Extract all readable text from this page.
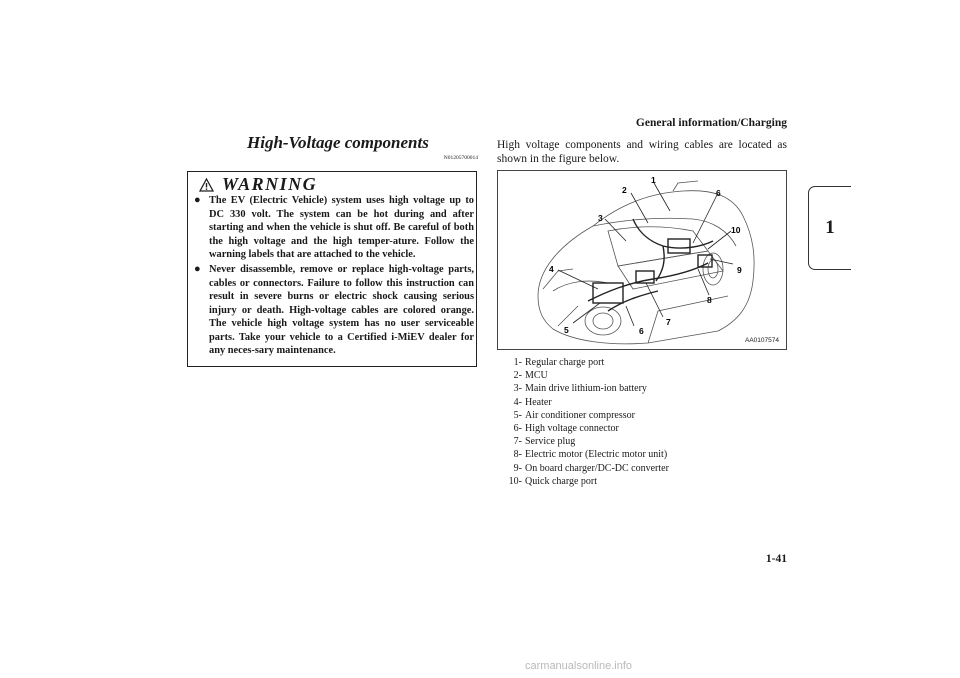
General information/Charging
1
High-Voltage components
N01205700014
WARNING
● The EV (Electric Vehicle) system uses high voltage up to DC 330 volt. The system can be hot during and after starting and when the vehicle is shut off. Be careful of both the high voltage and the high temper-ature. Follow the warning labels that are attached to the vehicle.
● Never disassemble, remove or replace high-voltage parts, cables or connectors. Failure to follow this instruction can result in severe burns or electric shock causing serious injury or death. High-voltage cables are colored orange. The vehicle high voltage system has no user serviceable parts. Take your vehicle to a Certified i-MiEV dealer for any neces-sary maintenance.
High voltage components and wiring cables are located as shown in the figure below.
1
2
3
4
5
6
6
7
8
9
10
AA0107574
1- Regular charge port
2- MCU
3- Main drive lithium-ion battery
4- Heater
5- Air conditioner compressor
6- High voltage connector
7- Service plug
8- Electric motor (Electric motor unit)
9- On board charger/DC-DC converter
10- Quick charge port
1-41
carmanualsonline.info
